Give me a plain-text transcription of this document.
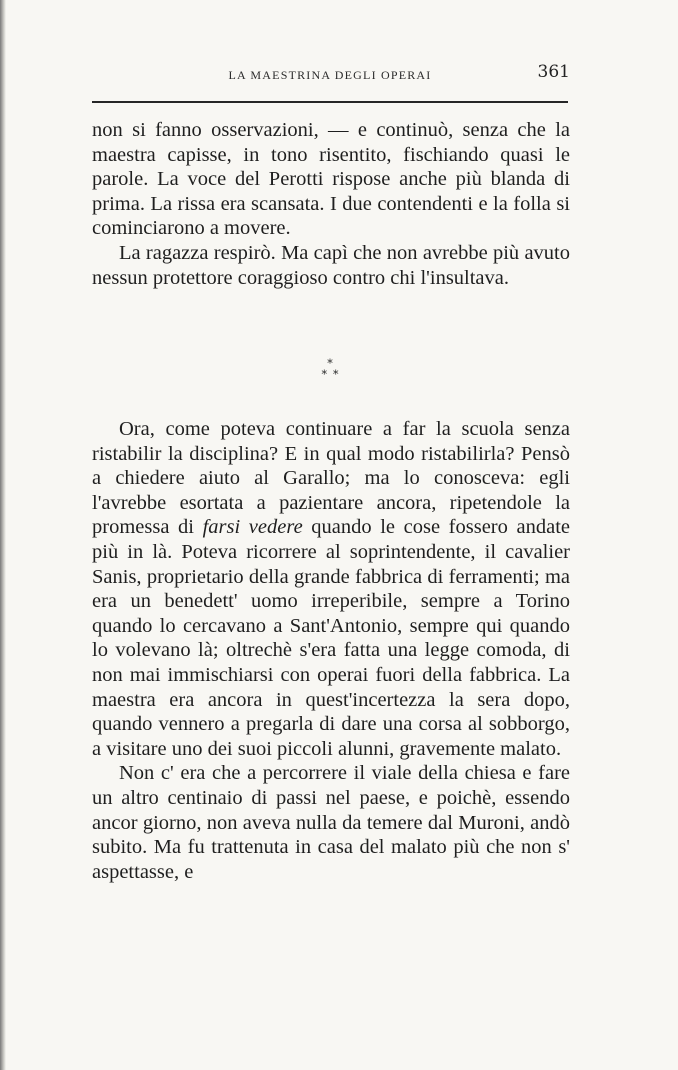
LA MAESTRINA DEGLI OPERAI	361

non si fanno osservazioni, — e continuò, senza che la maestra capisse, in tono risentito, fischiando quasi le parole. La voce del Perotti rispose anche più blanda di prima. La rissa era scansata. I due contendenti e la folla si cominciarono a movere.

La ragazza respirò. Ma capì che non avrebbe più avuto nessun protettore coraggioso contro chi l'insultava.

*
* *

Ora, come poteva continuare a far la scuola senza ristabilir la disciplina? E in qual modo ristabilirla? Pensò a chiedere aiuto al Garallo; ma lo conosceva: egli l'avrebbe esortata a pazientare ancora, ripetendole la promessa di farsi vedere quando le cose fossero andate più in là. Poteva ricorrere al soprintendente, il cavalier Sanis, proprietario della grande fabbrica di ferramenti; ma era un benedett' uomo irreperibile, sempre a Torino quando lo cercavano a Sant'Antonio, sempre qui quando lo volevano là; oltrechè s'era fatta una legge comoda, di non mai immischiarsi con operai fuori della fabbrica. La maestra era ancora in quest'incertezza la sera dopo, quando vennero a pregarla di dare una corsa al sobborgo, a visitare uno dei suoi piccoli alunni, gravemente malato.

Non c' era che a percorrere il viale della chiesa e fare un altro centinaio di passi nel paese, e poichè, essendo ancor giorno, non aveva nulla da temere dal Muroni, andò subito. Ma fu trattenuta in casa del malato più che non s' aspettasse, e
